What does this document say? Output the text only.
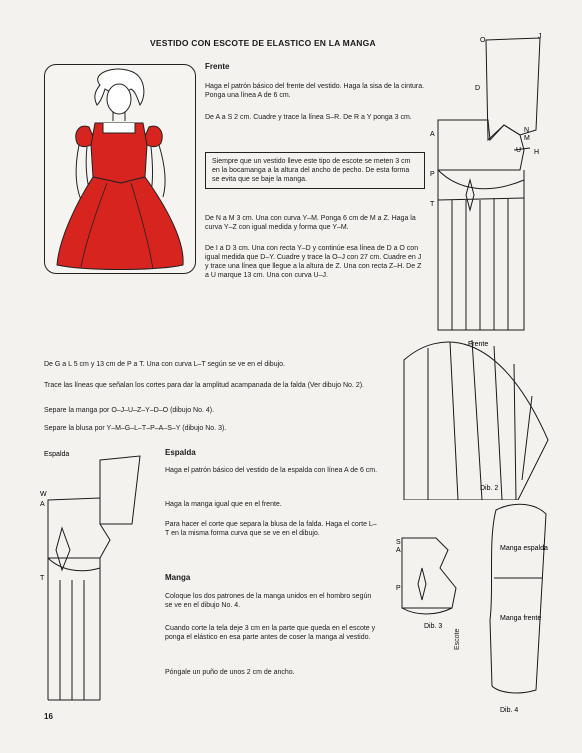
VESTIDO CON ESCOTE DE ELASTICO EN LA MANGA
Frente
Haga el patrón básico del frente del vestido. Haga la sisa de la cintura. Ponga una línea A de 6 cm.
De A a S 2 cm. Cuadre y trace la línea S–R. De R a Y ponga 3 cm.
Siempre que un vestido lleve este tipo de escote se meten 3 cm en la bocamanga a la altura del ancho de pecho. De esta forma se evita que se baje la manga.
De N a M 3 cm. Una con curva Y–M. Ponga 6 cm de M a Z. Haga la curva Y–Z con igual medida y forma que Y–M.
De I a D 3 cm. Una con recta Y–D y continúe esa línea de D a O con igual medida que D–Y. Cuadre y trace la O–J con 27 cm. Cuadre en J y trace una línea que llegue a la altura de Z. Una con recta Z–H. De Z a U marque 13 cm. Una con curva U–J.
De G a L 5 cm y 13 cm de P a T. Una con curva L–T según se ve en el dibujo.
Trace las líneas que señalan los cortes para dar la amplitud acampanada de la falda (Ver dibujo No. 2).
Separe la manga por O–J–U–Z–Y–D–O (dibujo No. 4).
Separe la blusa por Y–M–G–L–T–P–A–S–Y (dibujo No. 3).
Espalda
Haga el patrón básico del vestido de la espalda con línea A de 6 cm.
Haga la manga igual que en el frente.
Para hacer el corte que separa la blusa de la falda. Haga el corte L–T en la misma forma curva que se ve en el dibujo.
Manga
Coloque los dos patrones de la manga unidos en el hombro según se ve en el dibujo No. 4.
Cuando corte la tela deje 3 cm en la parte que queda en el escote y ponga el elástico en esa parte antes de coser la manga al vestido.
Póngale un puño de unos 2 cm de ancho.
16
O
J
D
M
N
U H
A
T
P
Frente
Dib. 2
Espalda
W
A
T
S
A
P
Dib. 3
Manga espalda
Manga frente
Dib. 4
Escote
